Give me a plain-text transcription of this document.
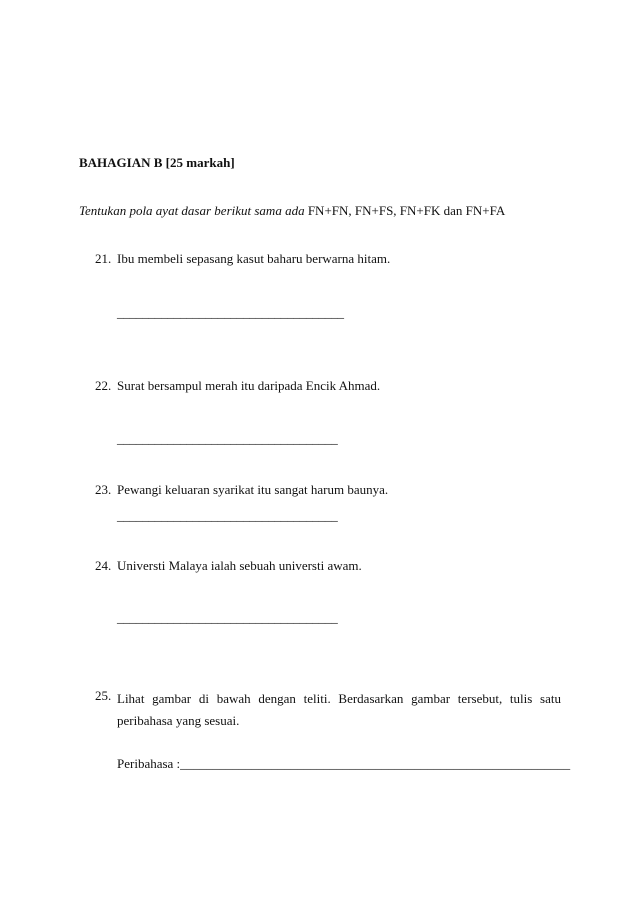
BAHAGIAN B [25 markah]
Tentukan pola ayat dasar berikut sama ada FN+FN, FN+FS, FN+FK dan FN+FA
21. Ibu membeli sepasang kasut baharu berwarna hitam.
____________________________________
22. Surat bersampul merah itu daripada Encik Ahmad.
___________________________________
23. Pewangi keluaran syarikat itu sangat harum baunya.
___________________________________
24. Universti Malaya ialah sebuah universti awam.
___________________________________
25. Lihat gambar di bawah dengan teliti. Berdasarkan gambar tersebut, tulis satu
peribahasa yang sesuai.
Peribahasa :____________________________________________________________
